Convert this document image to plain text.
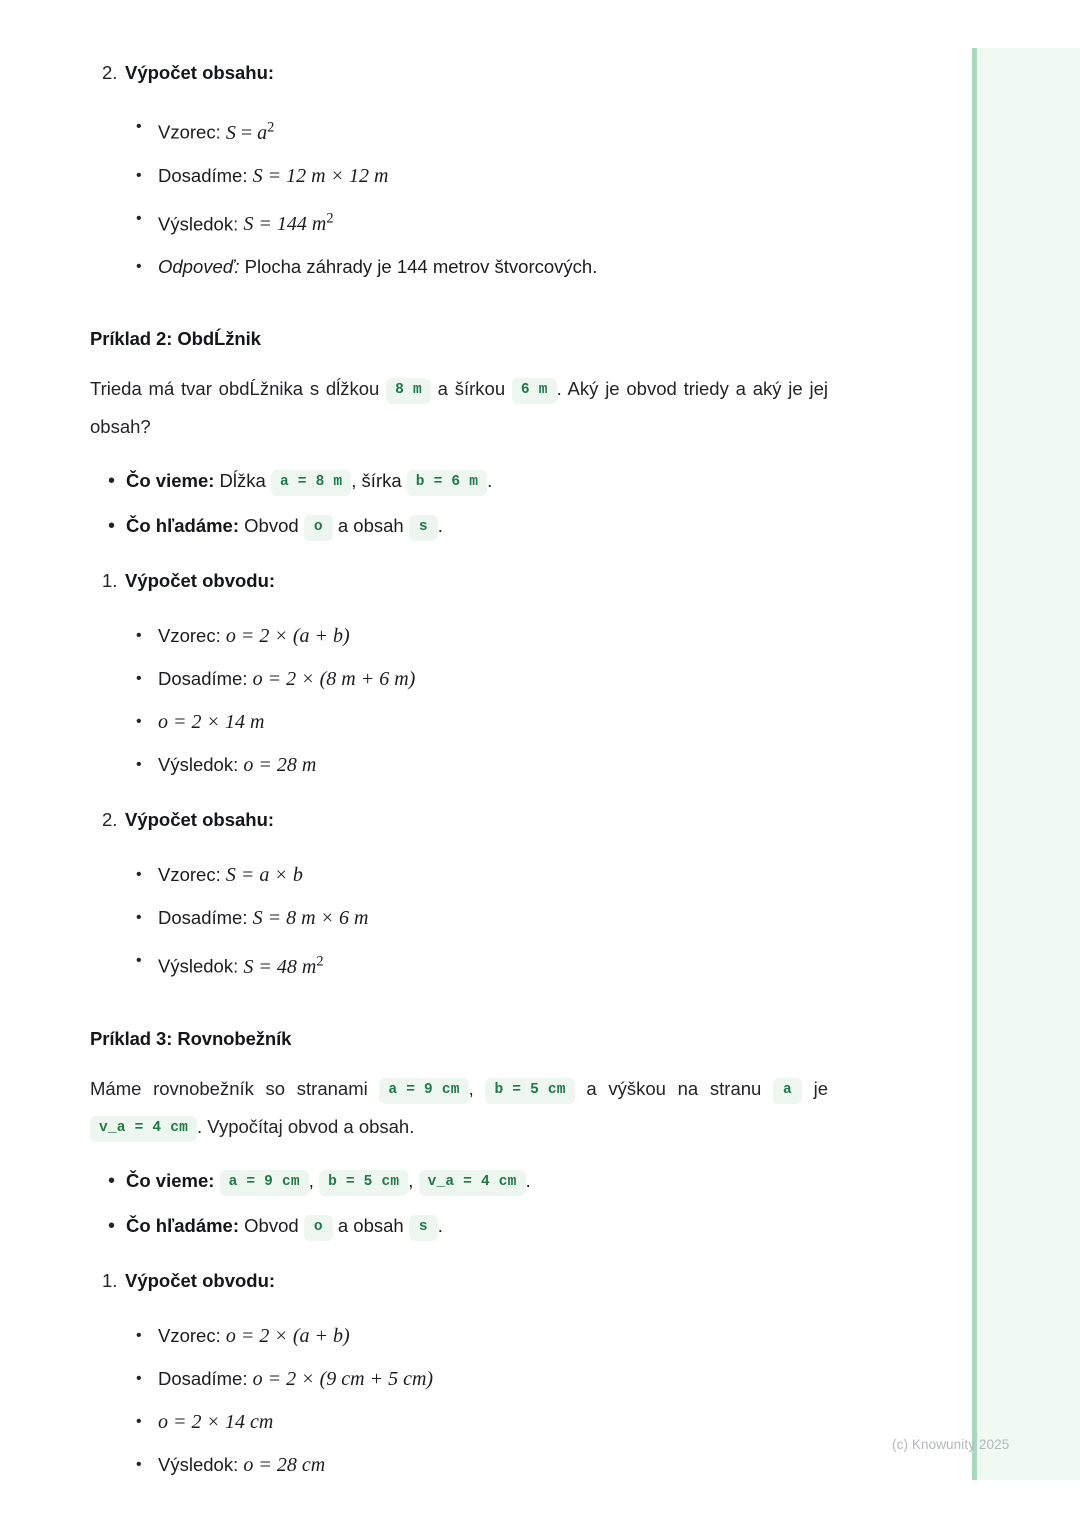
(c) Knowunity 2025
2. Výpočet obsahu:
• Vzorec: $S = a^2$
• Dosadíme: S = 12 m × 12 m
• Výsledok: S = 144 $m^2$
• Odpoveď: Plocha záhrady je 144 metrov štvorcových.
Príklad 2: ObdĹžnik
Trieda má tvar obdĹžnika s dĺžkou 8 m a šírkou 6 m . Aký je obvod triedy a aký je jej obsah?
• Čo vieme: Dĺžka a = 8 m , šírka b = 6 m .
• Čo hľadáme: Obvod o a obsah s .
1. Výpočet obvodu:
• Vzorec: o = 2 × (a + b)
• Dosadíme: o = 2 × (8 m + 6 m)
• o = 2 × 14 m
• Výsledok: o = 28 m
2. Výpočet obsahu:
• Vzorec: S = a × b
• Dosadíme: S = 8 m × 6 m
• Výsledok: S = 48 $m^2$
Príklad 3: Rovnobežník
Máme rovnobežník so stranami a = 9 cm , b = 5 cm a výškou na stranu a je v_a = 4 cm . Vypočítaj obvod a obsah.
• Čo vieme: a = 9 cm , b = 5 cm , v_a = 4 cm .
• Čo hľadáme: Obvod o a obsah s .
1. Výpočet obvodu:
• Vzorec: o = 2 × (a + b)
• Dosadíme: o = 2 × (9 cm + 5 cm)
• o = 2 × 14 cm
• Výsledok: o = 28 cm
